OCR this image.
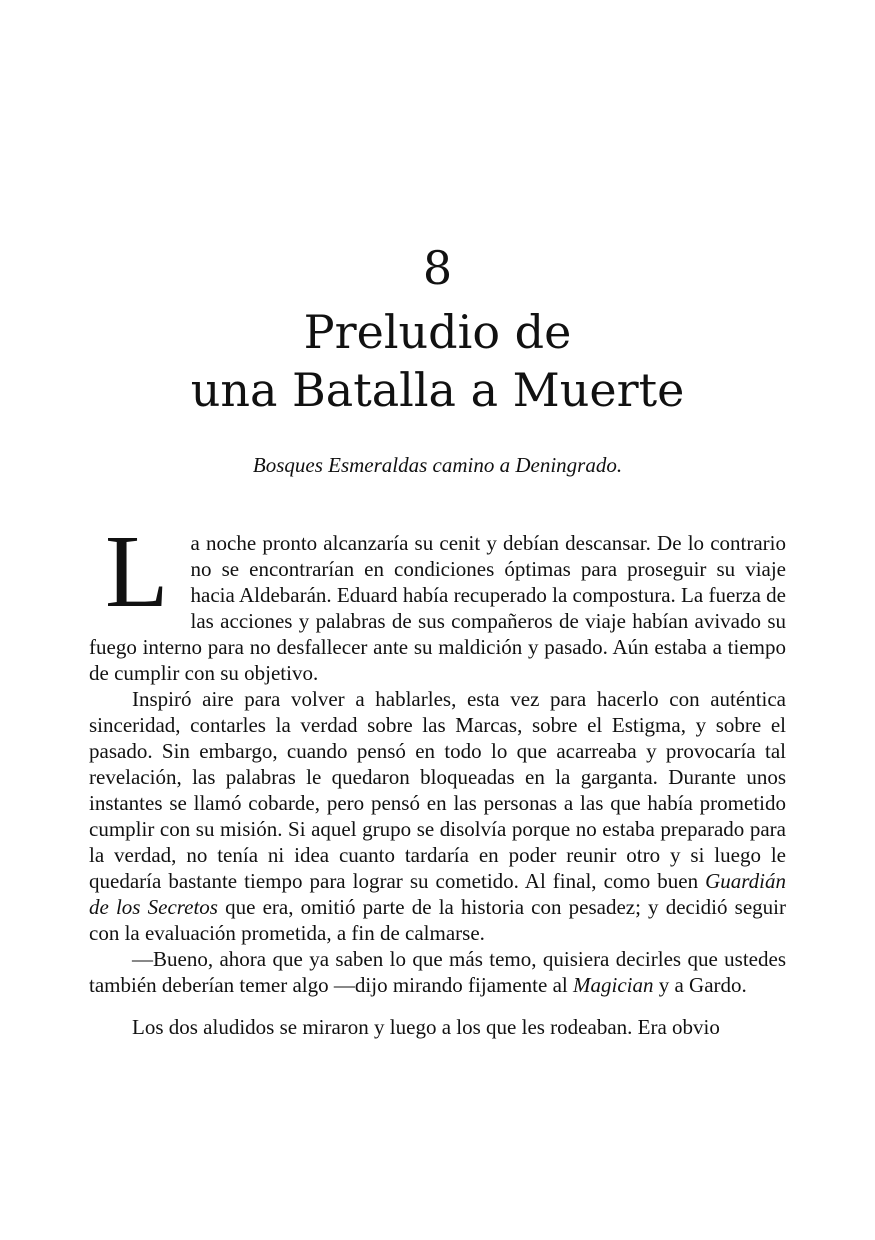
8
Preludio de
una Batalla a Muerte

Bosques Esmeraldas camino a Deningrado.

L a noche pronto alcanzaría su cenit y debían descansar. De lo contrario no se encontrarían en condiciones óptimas para proseguir su viaje hacia Aldebarán. Eduard había recuperado la compostura. La fuerza de las acciones y palabras de sus compañeros de viaje habían avivado su fuego interno para no desfallecer ante su maldición y pasado. Aún estaba a tiempo de cumplir con su objetivo.

Inspiró aire para volver a hablarles, esta vez para hacerlo con auténtica sinceridad, contarles la verdad sobre las Marcas, sobre el Estigma, y sobre el pasado. Sin embargo, cuando pensó en todo lo que acarreaba y provocaría tal revelación, las palabras le quedaron bloqueadas en la garganta. Durante unos instantes se llamó cobarde, pero pensó en las personas a las que había prometido cumplir con su misión. Si aquel grupo se disolvía porque no estaba preparado para la verdad, no tenía ni idea cuanto tardaría en poder reunir otro y si luego le quedaría bastante tiempo para lograr su cometido. Al final, como buen Guardián de los Secretos que era, omitió parte de la historia con pesadez; y decidió seguir con la evaluación prometida, a fin de calmarse.

—Bueno, ahora que ya saben lo que más temo, quisiera decirles que ustedes también deberían temer algo —dijo mirando fijamente al Magician y a Gardo.

Los dos aludidos se miraron y luego a los que les rodeaban. Era obvio
